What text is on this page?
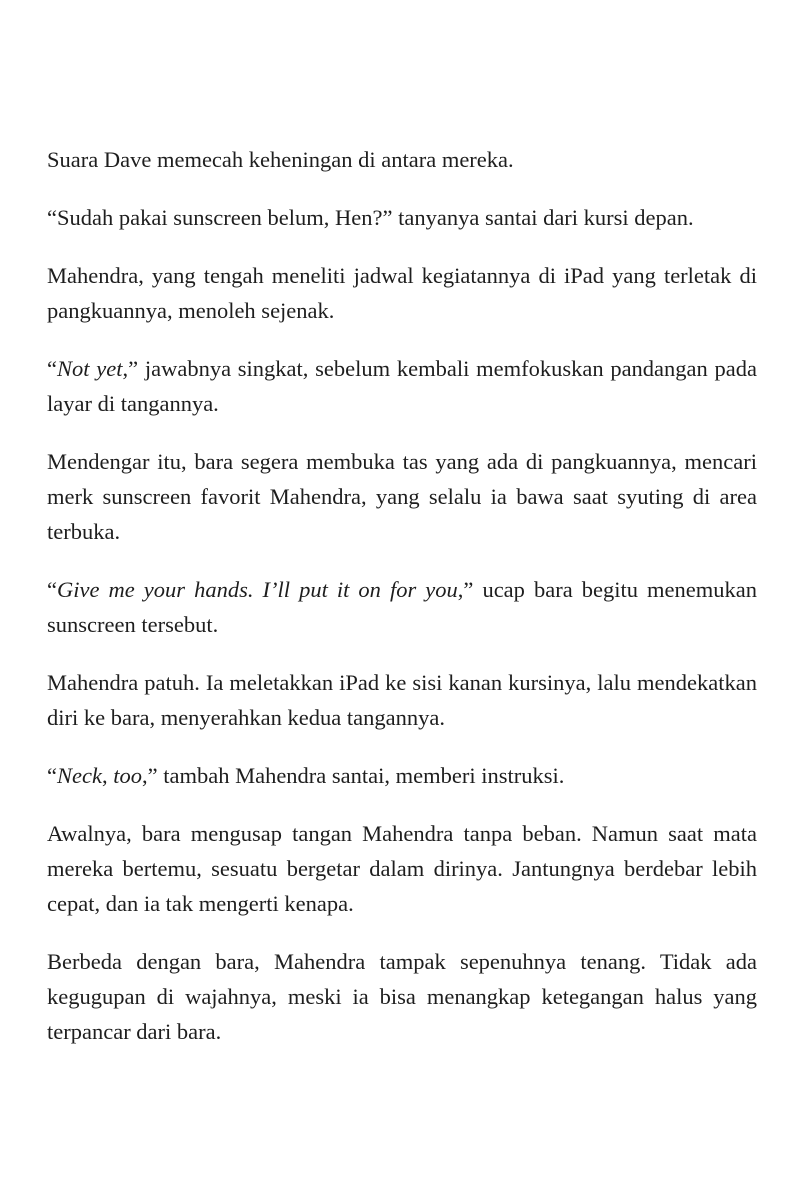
Suara Dave memecah keheningan di antara mereka.

“Sudah pakai sunscreen belum, Hen?” tanyanya santai dari kursi depan.

Mahendra, yang tengah meneliti jadwal kegiatannya di iPad yang terletak di pangkuannya, menoleh sejenak.

“Not yet,” jawabnya singkat, sebelum kembali memfokuskan pandangan pada layar di tangannya.

Mendengar itu, bara segera membuka tas yang ada di pangkuannya, mencari merk sunscreen favorit Mahendra, yang selalu ia bawa saat syuting di area terbuka.

“Give me your hands. I’ll put it on for you,” ucap bara begitu menemukan sunscreen tersebut.

Mahendra patuh. Ia meletakkan iPad ke sisi kanan kursinya, lalu mendekatkan diri ke bara, menyerahkan kedua tangannya.

“Neck, too,” tambah Mahendra santai, memberi instruksi.

Awalnya, bara mengusap tangan Mahendra tanpa beban. Namun saat mata mereka bertemu, sesuatu bergetar dalam dirinya. Jantungnya berdebar lebih cepat, dan ia tak mengerti kenapa.

Berbeda dengan bara, Mahendra tampak sepenuhnya tenang. Tidak ada kegugupan di wajahnya, meski ia bisa menangkap ketegangan halus yang terpancar dari bara.
